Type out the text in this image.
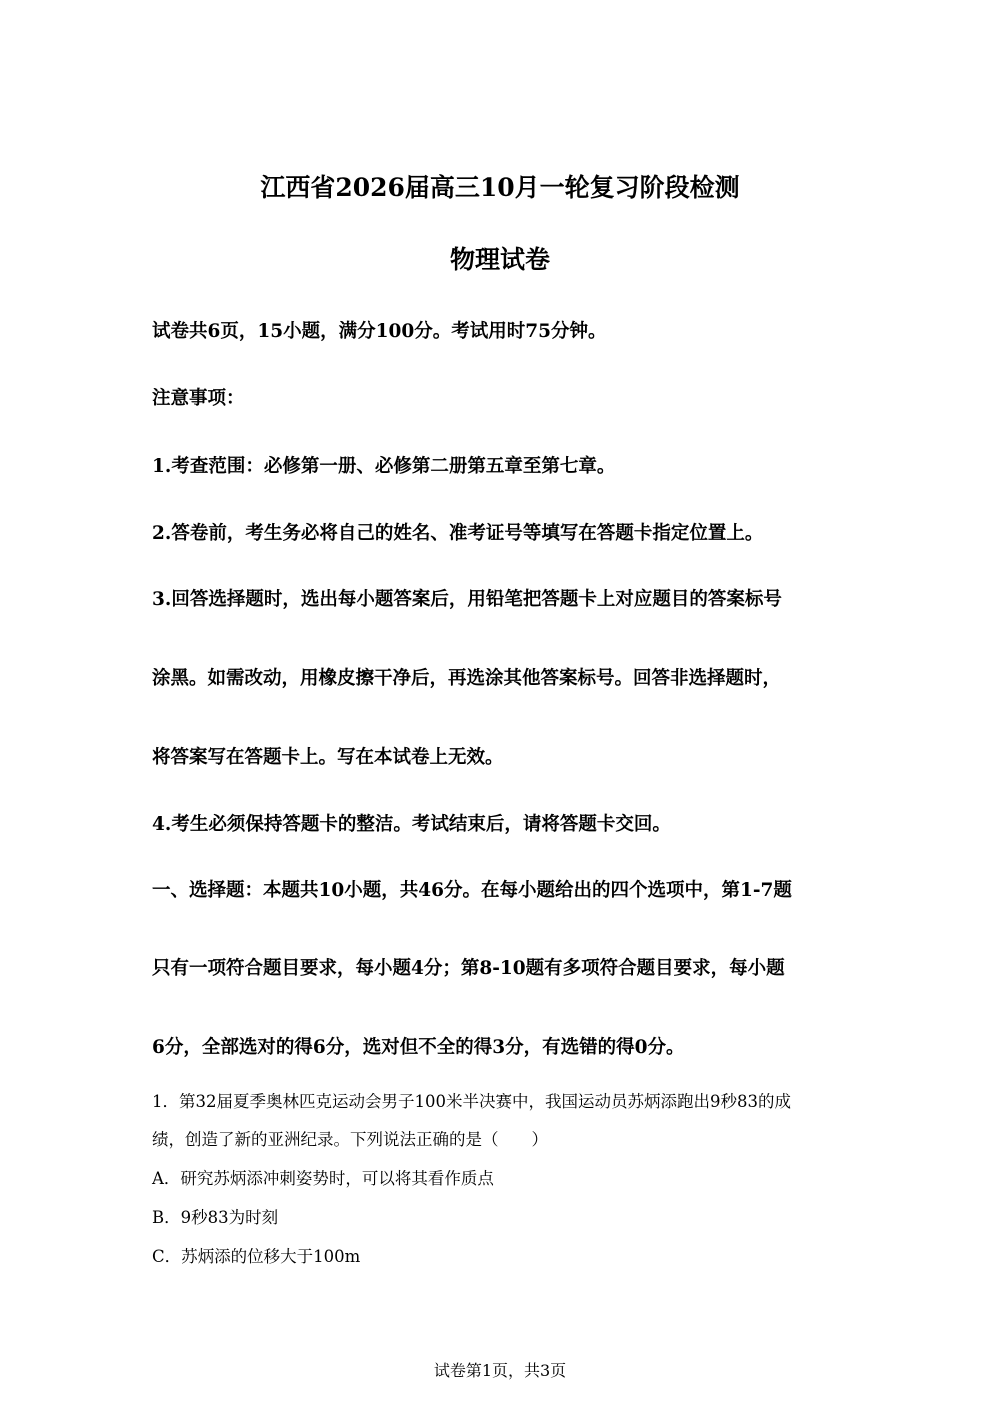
江西省2026届高三10月一轮复习阶段检测
物理试卷
试卷共6页，15小题，满分100分。考试用时75分钟。
注意事项：
1.考查范围：必修第一册、必修第二册第五章至第七章。
2.答卷前，考生务必将自己的姓名、准考证号等填写在答题卡指定位置上。
3.回答选择题时，选出每小题答案后，用铅笔把答题卡上对应题目的答案标号
涂黑。如需改动，用橡皮擦干净后，再选涂其他答案标号。回答非选择题时，
将答案写在答题卡上。写在本试卷上无效。
4.考生必须保持答题卡的整洁。考试结束后，请将答题卡交回。
一、选择题：本题共10小题，共46分。在每小题给出的四个选项中，第1-7题
只有一项符合题目要求，每小题4分；第8-10题有多项符合题目要求，每小题
6分，全部选对的得6分，选对但不全的得3分，有选错的得0分。
1．第32届夏季奥林匹克运动会男子100米半决赛中，我国运动员苏炳添跑出9秒83的成
绩，创造了新的亚洲纪录。下列说法正确的是（　　）
A．研究苏炳添冲刺姿势时，可以将其看作质点
B．9秒83为时刻
C．苏炳添的位移大于100m
试卷第1页，共3页
